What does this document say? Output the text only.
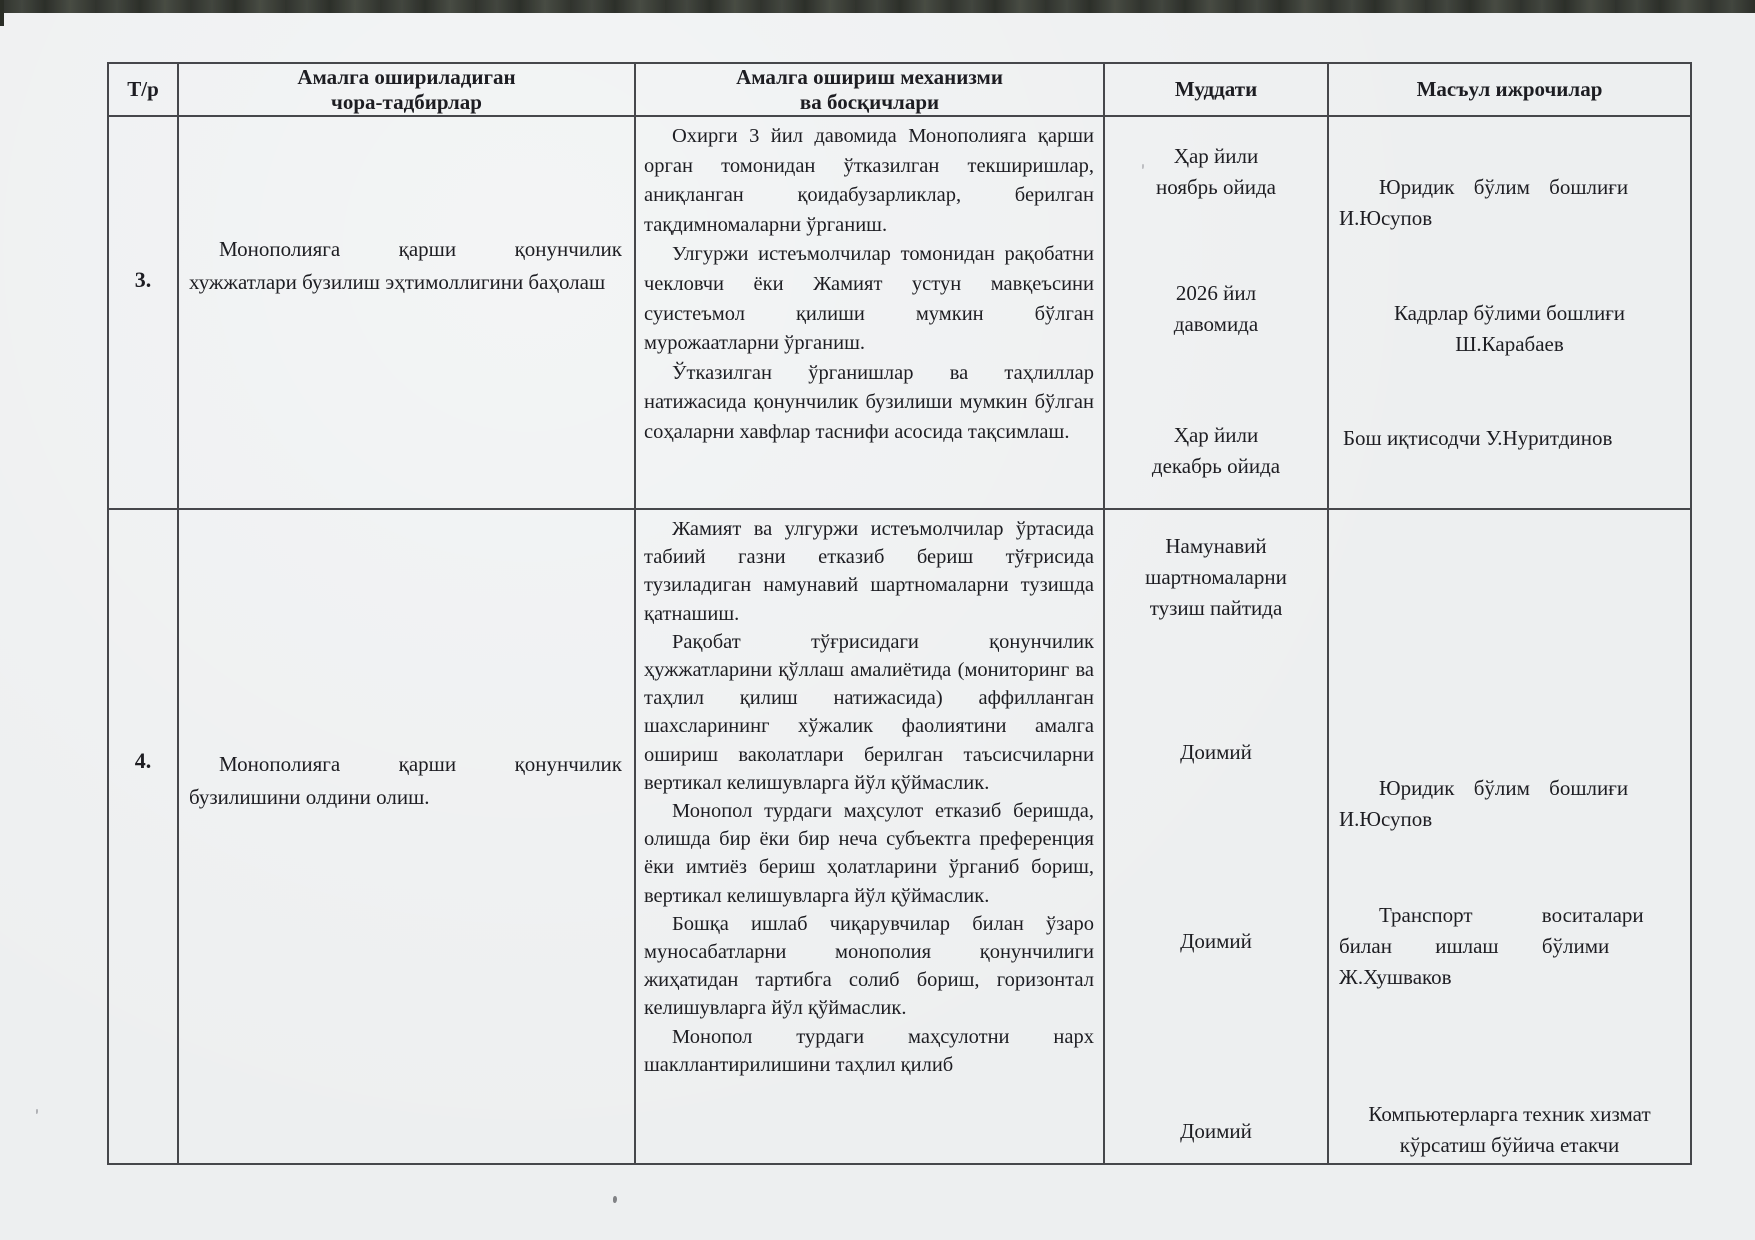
Т/р
Амалга ошириладиган
чора-тадбирлар
Амалга ошириш механизми
ва босқичлари
Муддати	Масъул ижрочилар
3.

Монополияга қарши қонунчилик хужжатлари бузилиш эҳтимоллигини баҳолаш

Охирги 3 йил давомида Монополияга қарши орган томонидан ўтказилган текширишлар, аниқланган қоидабузарликлар, берилган тақдимномаларни ўрганиш.

Улгуржи истеъмолчилар томонидан рақобатни чекловчи ёки Жамият устун мавқеъсини суистеъмол қилиши мумкин бўлган мурожаатларни ўрганиш.

Ўтказилган ўрганишлар ва таҳлиллар натижасида қонунчилик бузилиши мумкин бўлган соҳаларни хавфлар таснифи асосида тақсимлаш.

Ҳар йили ноябрь ойида
2026 йил давомида
Ҳар йили декабрь ойида
Юридик бўлим бошлиғи
И.Юсупов
Кадрлар бўлими бошлиғи
Ш.Карабаев
Бош иқтисодчи У.Нуритдинов
4.	Монополияга қарши қонунчилик бузилишини олдини олиш.

Жамият ва улгуржи истеъмолчилар ўртасида табиий газни етказиб бериш тўғрисида тузиладиган намунавий шартномаларни тузишда қатнашиш.

Рақобат тўғрисидаги қонунчилик ҳужжатларини қўллаш амалиётида (мониторинг ва таҳлил қилиш натижасида) аффилланган шахсларининг хўжалик фаолиятини амалга ошириш ваколатлари берилган таъсисчиларни вертикал келишувларга йўл қўймаслик.

Монопол турдаги маҳсулот етказиб беришда, олишда бир ёки бир неча субъектга преференция ёки имтиёз бериш ҳолатларини ўрганиб бориш, вертикал келишувларга йўл қўймаслик.

Бошқа ишлаб чиқарувчилар билан ўзаро муносабатларни монополия қонунчилиги жиҳатидан тартибга солиб бориш, горизонтал келишувларга йўл қўймаслик.

Монопол турдаги маҳсулотни нарх шакллантирилишини таҳлил қилиб

Намунавий шартномаларни тузиш пайтида
Доимий
Доимий
Доимий
Юридик бўлим бошлиғи
И.Юсупов
Транспорт воситалари
билан ишлаш бўлими
Ж.Хушваков
Компьютерларга техник хизмат
кўрсатиш бўйича етакчи
